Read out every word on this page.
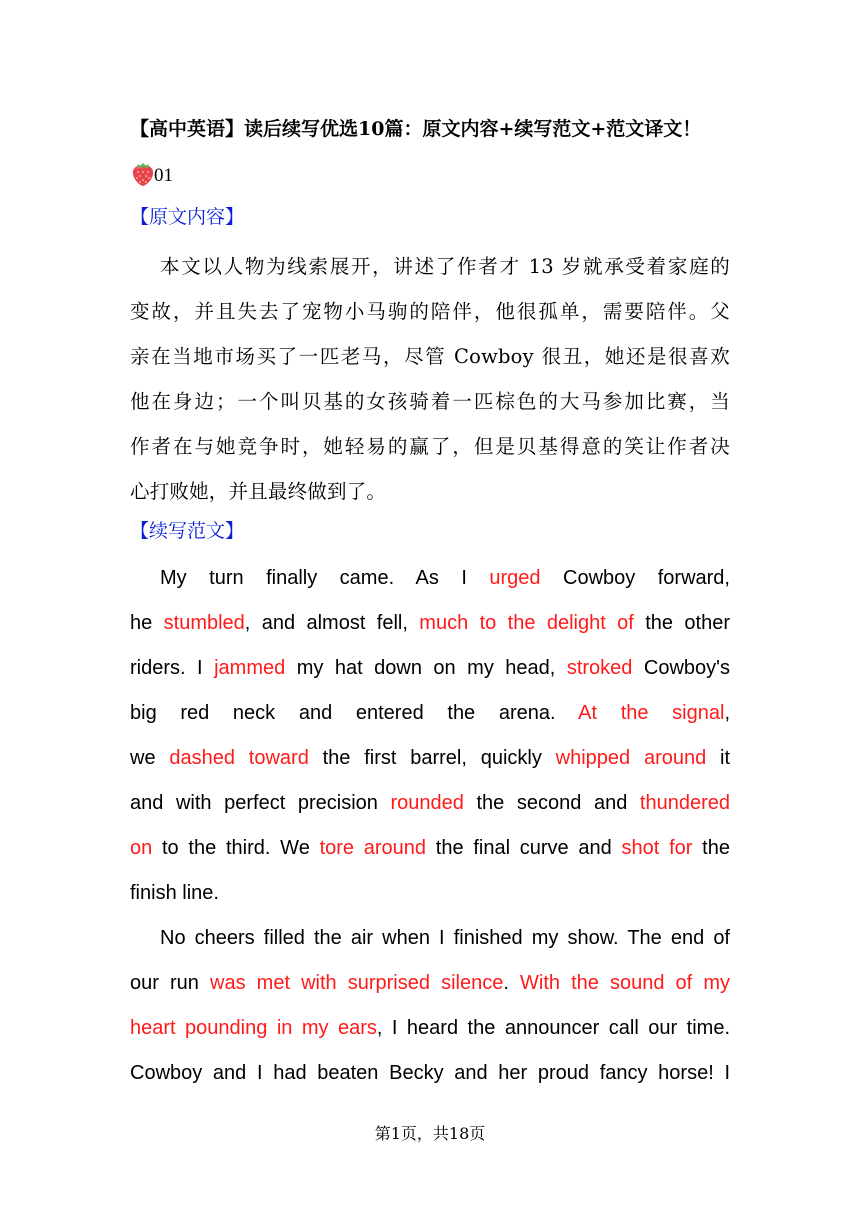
【高中英语】读后续写优选10篇：原文内容+续写范文+范文译文！
01
【原文内容】
本文以人物为线索展开，讲述了作者才 13 岁就承受着家庭的
变故，并且失去了宠物小马驹的陪伴，他很孤单，需要陪伴。父
亲在当地市场买了一匹老马，尽管 Cowboy 很丑，她还是很喜欢
他在身边；一个叫贝基的女孩骑着一匹棕色的大马参加比赛，当
作者在与她竞争时，她轻易的赢了，但是贝基得意的笑让作者决
心打败她，并且最终做到了。
【续写范文】
My turn finally came. As I urged Cowboy forward,
he stumbled, and almost fell, much to the delight of the other
riders. I jammed my hat down on my head, stroked Cowboy's
big red neck and entered the arena. At the signal,
we dashed toward the first barrel, quickly whipped around it
and with perfect precision rounded the second and thundered
on to the third. We tore around the final curve and shot for the
finish line.
No cheers filled the air when I finished my show. The end of
our run was met with surprised silence. With the sound of my
heart pounding in my ears, I heard the announcer call our time.
Cowboy and I had beaten Becky and her proud fancy horse! I
第1页，共18页
